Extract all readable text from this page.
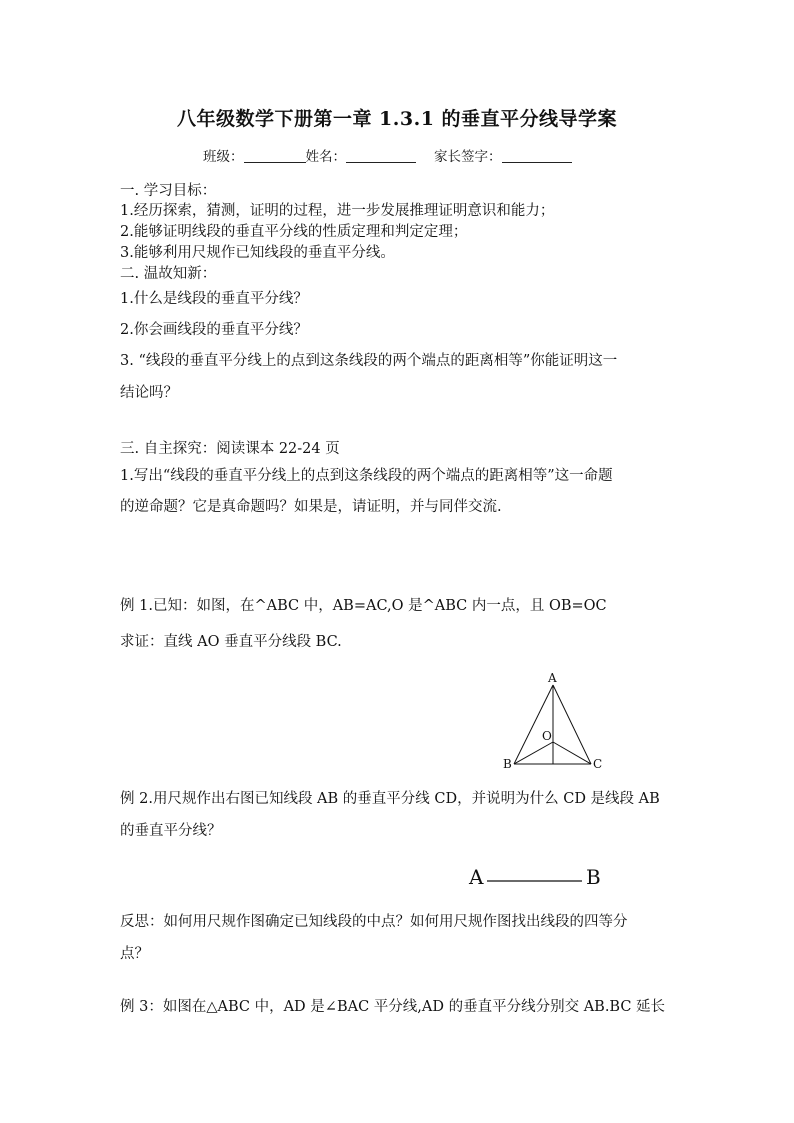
八年级数学下册第一章 1.3.1 的垂直平分线导学案
班级：	姓名：	家长签字：
一. 学习目标：
1.经历探索，猜测，证明的过程，进一步发展推理证明意识和能力；
2.能够证明线段的垂直平分线的性质定理和判定定理；
3.能够利用尺规作已知线段的垂直平分线。
二. 温故知新：
1.什么是线段的垂直平分线？
2.你会画线段的垂直平分线？
3. “线段的垂直平分线上的点到这条线段的两个端点的距离相等”你能证明这一
结论吗？
三. 自主探究：阅读课本 22-24 页
1.写出“线段的垂直平分线上的点到这条线段的两个端点的距离相等”这一命题
的逆命题？它是真命题吗？如果是，请证明，并与同伴交流.
例 1.已知：如图，在^ABC 中，AB=AC,O 是^ABC 内一点，且 OB=OC
求证：直线 AO 垂直平分线段 BC.
A
B	C
O
例 2.用尺规作出右图已知线段 AB 的垂直平分线 CD，并说明为什么 CD 是线段 AB
的垂直平分线？
A	B
反思：如何用尺规作图确定已知线段的中点？如何用尺规作图找出线段的四等分
点？
例 3：如图在△ABC 中，AD 是∠BAC 平分线,AD 的垂直平分线分别交 AB.BC 延长
